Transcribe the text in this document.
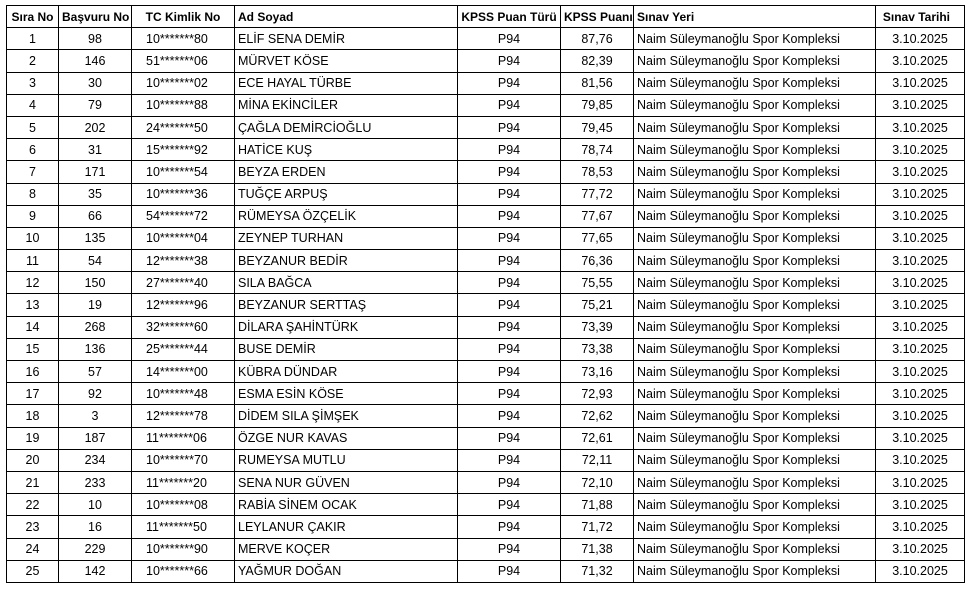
Sıra No	Başvuru No	TC Kimlik No	Ad Soyad	KPSS Puan Türü	KPSS Puanı	Sınav Yeri	Sınav Tarihi
1	98	10*******80	ELİF SENA DEMİR	P94	87,76	Naim Süleymanoğlu Spor Kompleksi	3.10.2025
2	146	51*******06	MÜRVET KÖSE	P94	82,39	Naim Süleymanoğlu Spor Kompleksi	3.10.2025
3	30	10*******02	ECE HAYAL TÜRBE	P94	81,56	Naim Süleymanoğlu Spor Kompleksi	3.10.2025
4	79	10*******88	MİNA EKİNCİLER	P94	79,85	Naim Süleymanoğlu Spor Kompleksi	3.10.2025
5	202	24*******50	ÇAĞLA DEMİRCİOĞLU	P94	79,45	Naim Süleymanoğlu Spor Kompleksi	3.10.2025
6	31	15*******92	HATİCE KUŞ	P94	78,74	Naim Süleymanoğlu Spor Kompleksi	3.10.2025
7	171	10*******54	BEYZA ERDEN	P94	78,53	Naim Süleymanoğlu Spor Kompleksi	3.10.2025
8	35	10*******36	TUĞÇE ARPUŞ	P94	77,72	Naim Süleymanoğlu Spor Kompleksi	3.10.2025
9	66	54*******72	RÜMEYSA ÖZÇELİK	P94	77,67	Naim Süleymanoğlu Spor Kompleksi	3.10.2025
10	135	10*******04	ZEYNEP TURHAN	P94	77,65	Naim Süleymanoğlu Spor Kompleksi	3.10.2025
11	54	12*******38	BEYZANUR BEDİR	P94	76,36	Naim Süleymanoğlu Spor Kompleksi	3.10.2025
12	150	27*******40	SILA BAĞCA	P94	75,55	Naim Süleymanoğlu Spor Kompleksi	3.10.2025
13	19	12*******96	BEYZANUR SERTTAŞ	P94	75,21	Naim Süleymanoğlu Spor Kompleksi	3.10.2025
14	268	32*******60	DİLARA ŞAHİNTÜRK	P94	73,39	Naim Süleymanoğlu Spor Kompleksi	3.10.2025
15	136	25*******44	BUSE DEMİR	P94	73,38	Naim Süleymanoğlu Spor Kompleksi	3.10.2025
16	57	14*******00	KÜBRA DÜNDAR	P94	73,16	Naim Süleymanoğlu Spor Kompleksi	3.10.2025
17	92	10*******48	ESMA ESİN KÖSE	P94	72,93	Naim Süleymanoğlu Spor Kompleksi	3.10.2025
18	3	12*******78	DİDEM SILA ŞİMŞEK	P94	72,62	Naim Süleymanoğlu Spor Kompleksi	3.10.2025
19	187	11*******06	ÖZGE NUR KAVAS	P94	72,61	Naim Süleymanoğlu Spor Kompleksi	3.10.2025
20	234	10*******70	RUMEYSA MUTLU	P94	72,11	Naim Süleymanoğlu Spor Kompleksi	3.10.2025
21	233	11*******20	SENA NUR GÜVEN	P94	72,10	Naim Süleymanoğlu Spor Kompleksi	3.10.2025
22	10	10*******08	RABİA SİNEM OCAK	P94	71,88	Naim Süleymanoğlu Spor Kompleksi	3.10.2025
23	16	11*******50	LEYLANUR ÇAKIR	P94	71,72	Naim Süleymanoğlu Spor Kompleksi	3.10.2025
24	229	10*******90	MERVE KOÇER	P94	71,38	Naim Süleymanoğlu Spor Kompleksi	3.10.2025
25	142	10*******66	YAĞMUR DOĞAN	P94	71,32	Naim Süleymanoğlu Spor Kompleksi	3.10.2025
